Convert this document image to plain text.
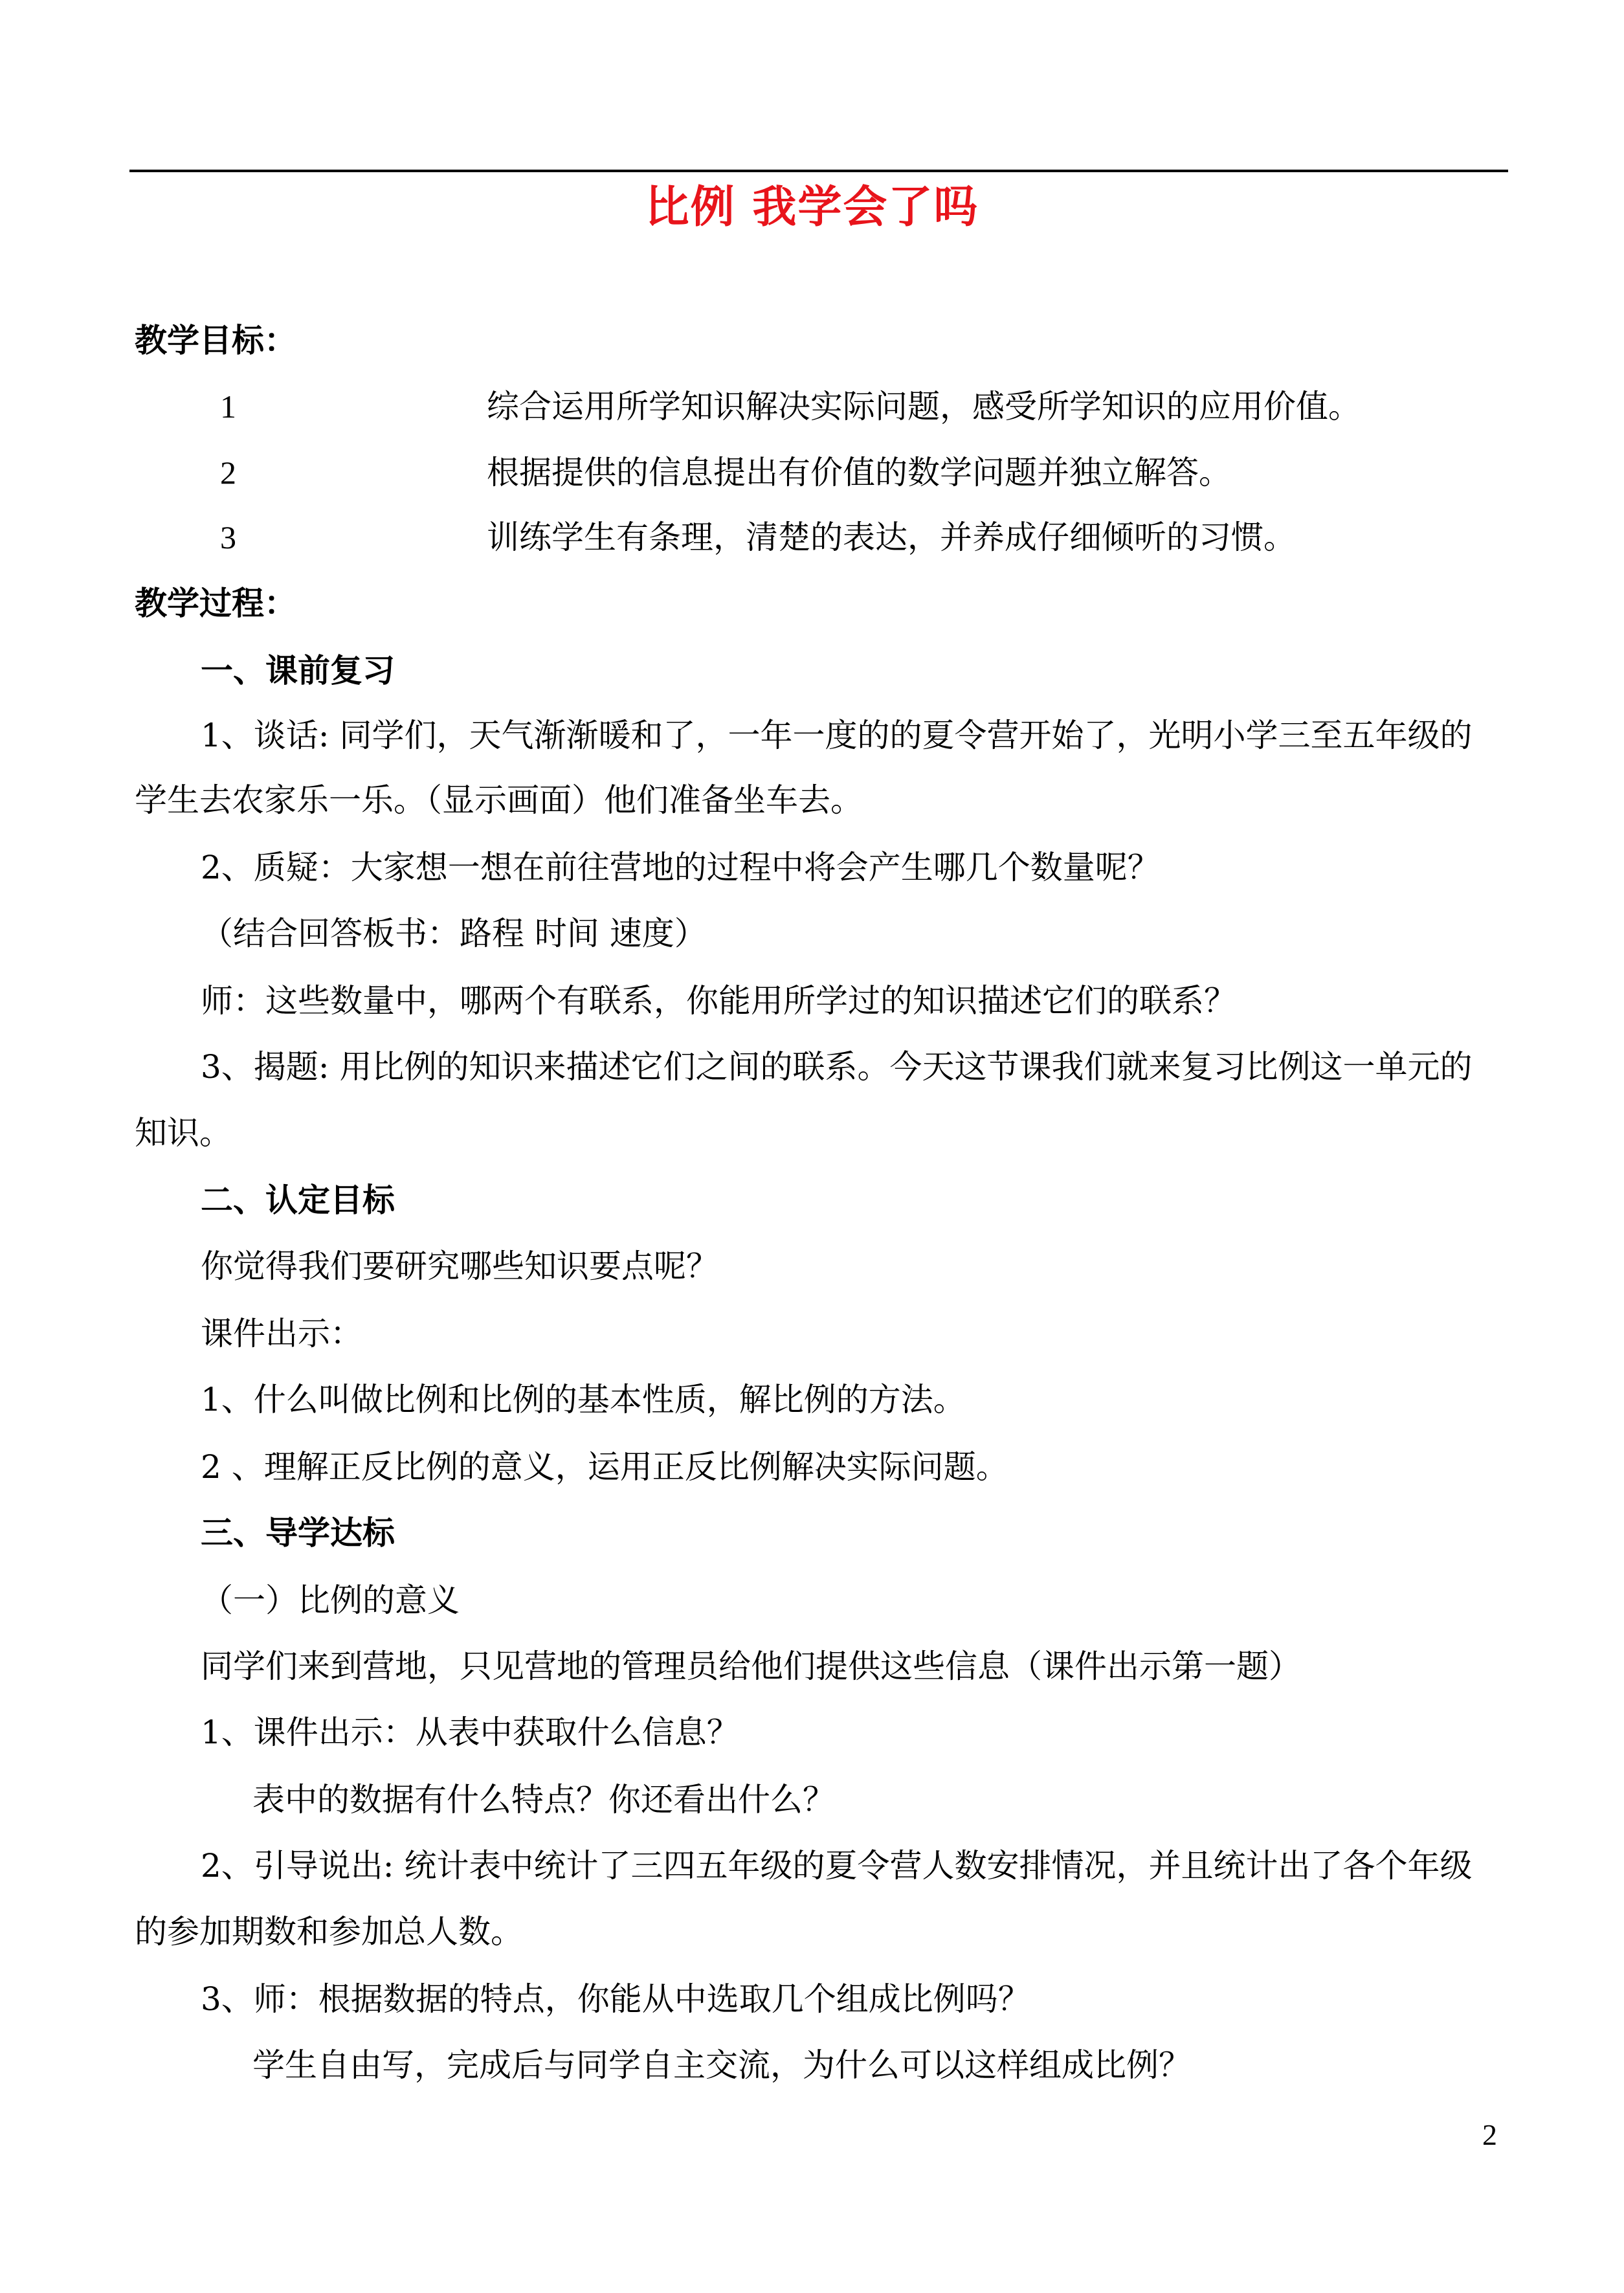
比例 我学会了吗
教学目标：
1	综合运用所学知识解决实际问题，感受所学知识的应用价值。
2	根据提供的信息提出有价值的数学问题并独立解答。
3	训练学生有条理，清楚的表达，并养成仔细倾听的习惯。
教学过程：
一、课前复习
1、谈话: 同学们，天气渐渐暖和了，一年一度的的夏令营开始了，光明小学三至五年级的
学生去农家乐一乐。（显示画面）他们准备坐车去。
2、质疑：大家想一想在前往营地的过程中将会产生哪几个数量呢？
（结合回答板书：路程 时间 速度）
师：这些数量中，哪两个有联系，你能用所学过的知识描述它们的联系？
3、揭题: 用比例的知识来描述它们之间的联系。今天这节课我们就来复习比例这一单元的
知识。
二、认定目标
你觉得我们要研究哪些知识要点呢？
课件出示：
1、什么叫做比例和比例的基本性质，解比例的方法。
2 、理解正反比例的意义，运用正反比例解决实际问题。
三、导学达标
（一）比例的意义
同学们来到营地，只见营地的管理员给他们提供这些信息（课件出示第一题）
1、课件出示：从表中获取什么信息？
表中的数据有什么特点？你还看出什么？
2、引导说出: 统计表中统计了三四五年级的夏令营人数安排情况，并且统计出了各个年级
的参加期数和参加总人数。
3、师：根据数据的特点，你能从中选取几个组成比例吗？
学生自由写，完成后与同学自主交流，为什么可以这样组成比例？
2
